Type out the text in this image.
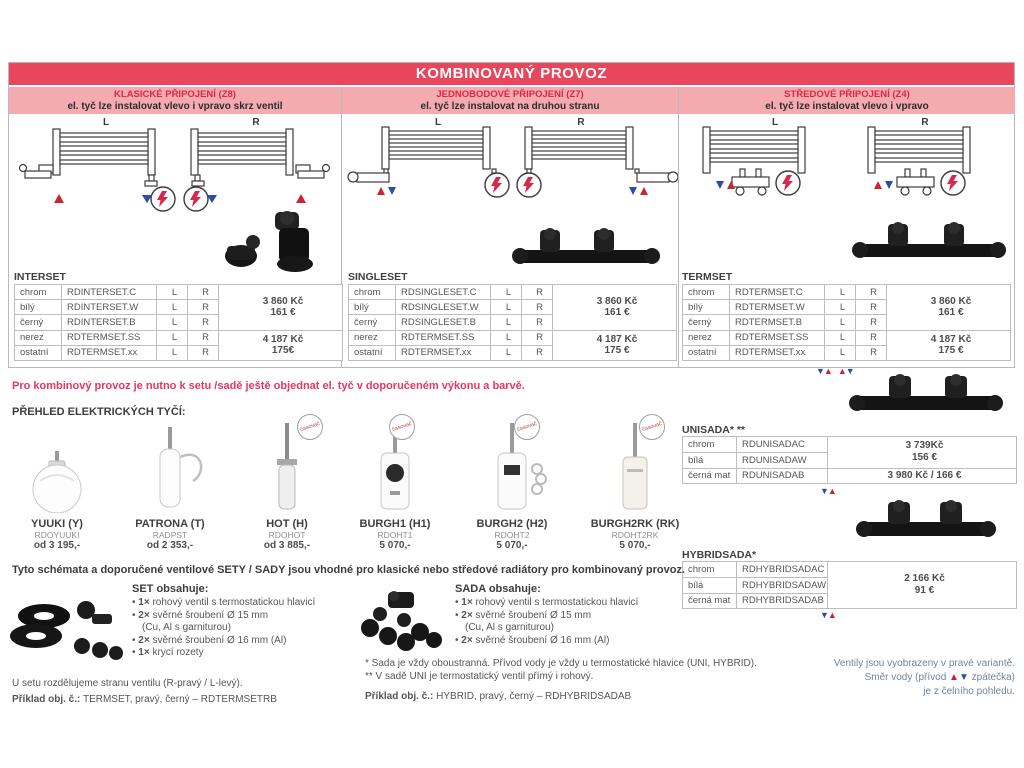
KOMBINOVANÝ PROVOZ
KLASICKÉ PŘIPOJENÍ (Z8)
el. tyč lze instalovat vlevo i vpravo skrz ventil
JEDNOBODOVÉ PŘIPOJENÍ (Z7)
el. tyč lze instalovat na druhou stranu
STŘEDOVÉ PŘIPOJENÍ (Z4)
el. tyč lze instalovat vlevo i vpravo
L	R	L	R	L	R
INTERSET	SINGLESET	TERMSET
chrom	RDINTERSET.C	L	R	3 860 Kč
161 €

bílý	RDINTERSET.W	L	R	
černý	RDINTERSET.B	L	R	
nerez	RDTERMSET.SS	L	R	4 187 Kč
175€

ostatní	RDTERMSET.xx	L	R	
chrom	RDSINGLESET.C	L	R	3 860 Kč
161 €

bílý	RDSINGLESET.W	L	R	
černý	RDSINGLESET.B	L	R	
nerez	RDTERMSET.SS	L	R	4 187 Kč
175 €

ostatní	RDTERMSET.xx	L	R	
chrom	RDTERMSET.C	L	R	3 860 Kč
161 €

bílý	RDTERMSET.W	L	R	
černý	RDTERMSET.B	L	R	
nerez	RDTERMSET.SS	L	R	4 187 Kč
175 €

ostatní	RDTERMSET.xx	L	R	
▼▲ ▲▼
Pro kombinový provoz je nutno k setu /sadě ještě objednat el. tyč v doporučeném výkonu a barvě.
PŘEHLED ELEKTRICKÝCH TYČÍ:
YUUKI (Y)
RDOYUUKI
od 3 195,-
PATRONA (T)
RADPST
od 2 353,-
HOT (H)
RDOHOT
od 3 885,-
BURGH1 (H1)
RDOHT1
5 070,-
BURGH2 (H2)
RDOHT2
5 070,-
BURGH2RK (RK)
RDOHT2RK
5 070,-
časovač	časovač	časovač	časovač UNISADA* **
chrom	RDUNISADAC	3 739Kč
156 €

bílá	RDUNISADAW	
černá mat	RDUNISADAB	3 980 Kč / 166 €
▼▲
HYBRIDSADA*
chrom	RDHYBRIDSADAC	2 166 Kč
91 €

bílá	RDHYBRIDSADAW	
černá mat	RDHYBRIDSADAB	
▼▲
Tyto schémata a doporučené ventilové SETY / SADY jsou vhodné pro klasické nebo středové radiátory pro kombinovaný provoz.
SET obsahuje:
• 1× rohový ventil s termostatickou hlavicí
• 2× svěrné šroubení Ø 15 mm
(Cu, Al s garniturou)
• 2× svěrné šroubení Ø 16 mm (Al)
• 1× krycí rozety
SADA obsahuje:
• 1× rohový ventil s termostatickou hlavicí
• 2× svěrné šroubení Ø 15 mm
(Cu, Al s garniturou)
• 2× svěrné šroubení Ø 16 mm (Al)
* Sada je vždy oboustranná. Přívod vody je vždy u termostatické hlavice (UNI, HYBRID).
** V sadě UNI je termostatický ventil přímý i rohový.
Příklad obj. č.: HYBRID, pravý, černý – RDHYBRIDSADAB
U setu rozdělujeme stranu ventilu (R-pravý / L-levý).
Příklad obj. č.: TERMSET, pravý, černý – RDTERMSETRB
Ventily jsou vyobrazeny v pravé variantě.
Směr vody (přívod ▲▼ zpátečka)
je z čelního pohledu.
